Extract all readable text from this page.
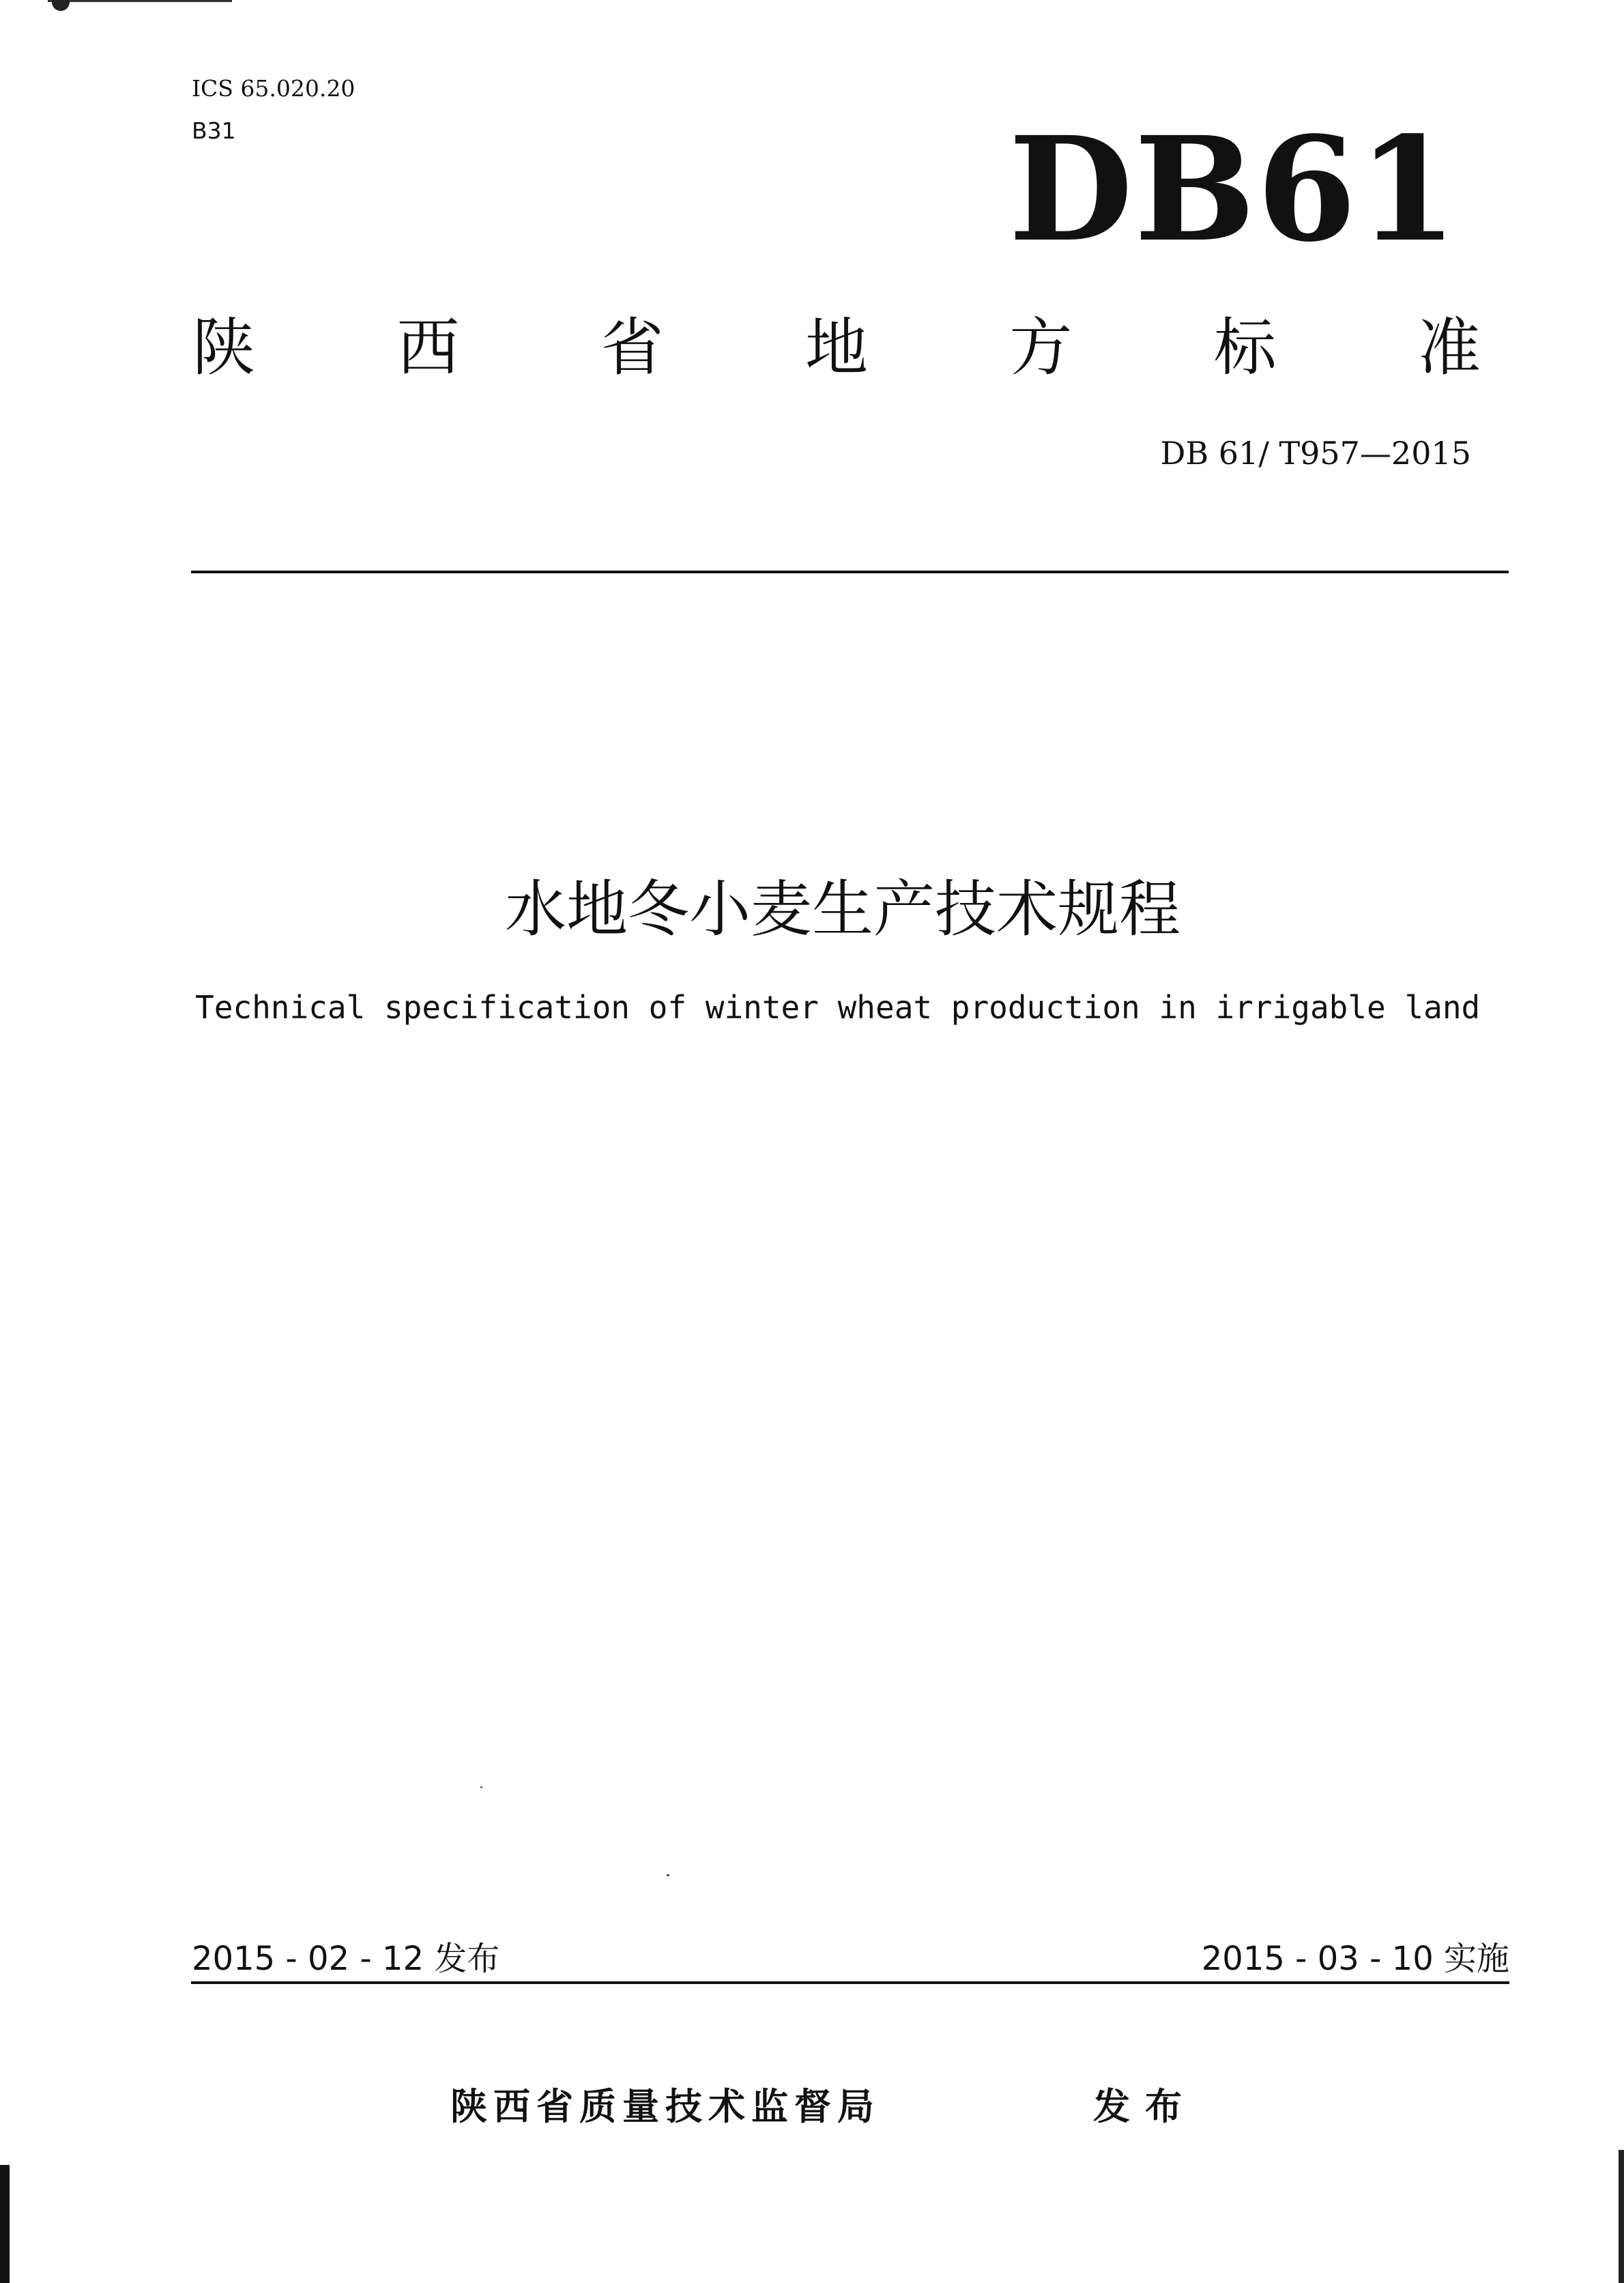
ICS 65.020.20
B31	DB61
陕 西 省 地 方 标 准
DB 61/ T957—2015
水地冬小麦生产技术规程
Technical specification of winter wheat production in irrigable land
2015 - 02 - 12 发布	2015 - 03 - 10 实施
陕西省质量技术监督局	发布
